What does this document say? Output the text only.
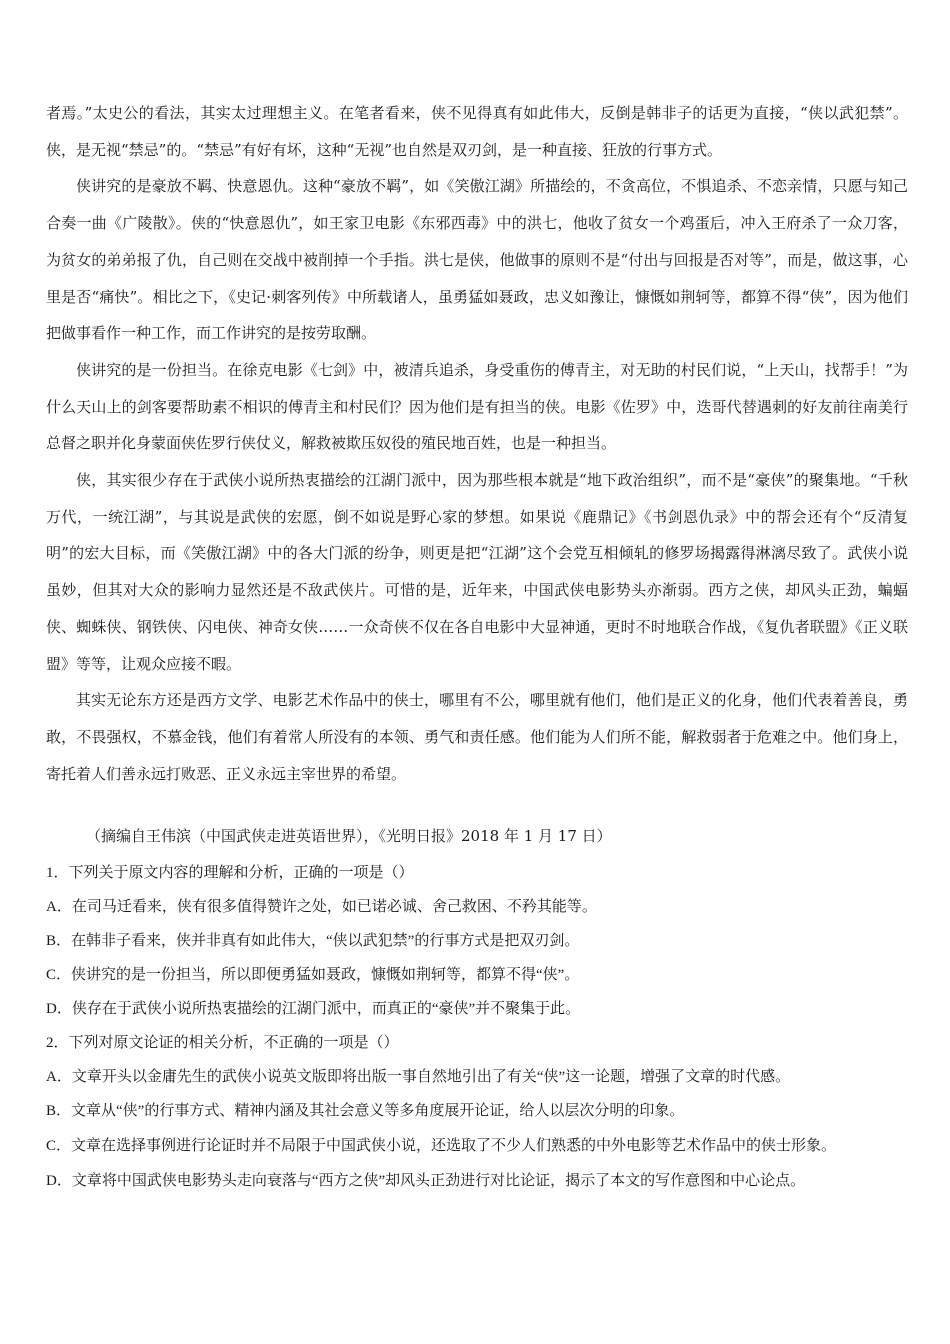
者焉。”太史公的看法，其实太过理想主义。在笔者看来，侠不见得真有如此伟大，反倒是韩非子的话更为直接，“侠以武犯禁”。侠，是无视“禁忌”的。“禁忌”有好有坏，这种“无视”也自然是双刃剑，是一种直接、狂放的行事方式。

侠讲究的是豪放不羁、快意恩仇。这种“豪放不羁”，如《笑傲江湖》所描绘的，不贪高位，不惧追杀、不恋亲情，只愿与知己合奏一曲《广陵散》。侠的“快意恩仇”，如王家卫电影《东邪西毒》中的洪七，他收了贫女一个鸡蛋后，冲入王府杀了一众刀客，为贫女的弟弟报了仇，自己则在交战中被削掉一个手指。洪七是侠，他做事的原则不是“付出与回报是否对等”，而是，做这事，心里是否“痛快”。相比之下，《史记·刺客列传》中所载诸人，虽勇猛如聂政，忠义如豫让，慷慨如荆轲等，都算不得“侠”，因为他们把做事看作一种工作，而工作讲究的是按劳取酬。

侠讲究的是一份担当。在徐克电影《七剑》中，被清兵追杀，身受重伤的傅青主，对无助的村民们说，“上天山，找帮手！”为什么天山上的剑客要帮助素不相识的傅青主和村民们？因为他们是有担当的侠。电影《佐罗》中，迭哥代替遇刺的好友前往南美行总督之职并化身蒙面侠佐罗行侠仗义，解救被欺压奴役的殖民地百姓，也是一种担当。

侠，其实很少存在于武侠小说所热衷描绘的江湖门派中，因为那些根本就是“地下政治组织”，而不是“豪侠”的聚集地。“千秋万代，一统江湖”，与其说是武侠的宏愿，倒不如说是野心家的梦想。如果说《鹿鼎记》《书剑恩仇录》中的帮会还有个“反清复明”的宏大目标，而《笑傲江湖》中的各大门派的纷争，则更是把“江湖”这个会党互相倾轧的修罗场揭露得淋漓尽致了。武侠小说虽妙，但其对大众的影响力显然还是不敌武侠片。可惜的是，近年来，中国武侠电影势头亦渐弱。西方之侠，却风头正劲，蝙蝠侠、蜘蛛侠、钢铁侠、闪电侠、神奇女侠……一众奇侠不仅在各自电影中大显神通，更时不时地联合作战，《复仇者联盟》《正义联盟》等等，让观众应接不暇。

其实无论东方还是西方文学、电影艺术作品中的侠士，哪里有不公，哪里就有他们，他们是正义的化身，他们代表着善良，勇敢，不畏强权，不慕金钱，他们有着常人所没有的本领、勇气和责任感。他们能为人们所不能，解救弱者于危难之中。他们身上，寄托着人们善永远打败恶、正义永远主宰世界的希望。

（摘编自王伟滨（中国武侠走进英语世界），《光明日报》2018 年 1 月 17 日）

1．下列关于原文内容的理解和分析，正确的一项是（）

A．在司马迁看来，侠有很多值得赞许之处，如已诺必诚、舍己救困、不矜其能等。

B．在韩非子看来，侠并非真有如此伟大，“侠以武犯禁”的行事方式是把双刃剑。

C．侠讲究的是一份担当，所以即便勇猛如聂政，慷慨如荆轲等，都算不得“侠”。

D．侠存在于武侠小说所热衷描绘的江湖门派中，而真正的“豪侠”并不聚集于此。

2．下列对原文论证的相关分析，不正确的一项是（）

A．文章开头以金庸先生的武侠小说英文版即将出版一事自然地引出了有关“侠”这一论题，增强了文章的时代感。

B．文章从“侠”的行事方式、精神内涵及其社会意义等多角度展开论证，给人以层次分明的印象。

C．文章在选择事例进行论证时并不局限于中国武侠小说，还选取了不少人们熟悉的中外电影等艺术作品中的侠士形象。

D．文章将中国武侠电影势头走向衰落与“西方之侠”却风头正劲进行对比论证，揭示了本文的写作意图和中心论点。
